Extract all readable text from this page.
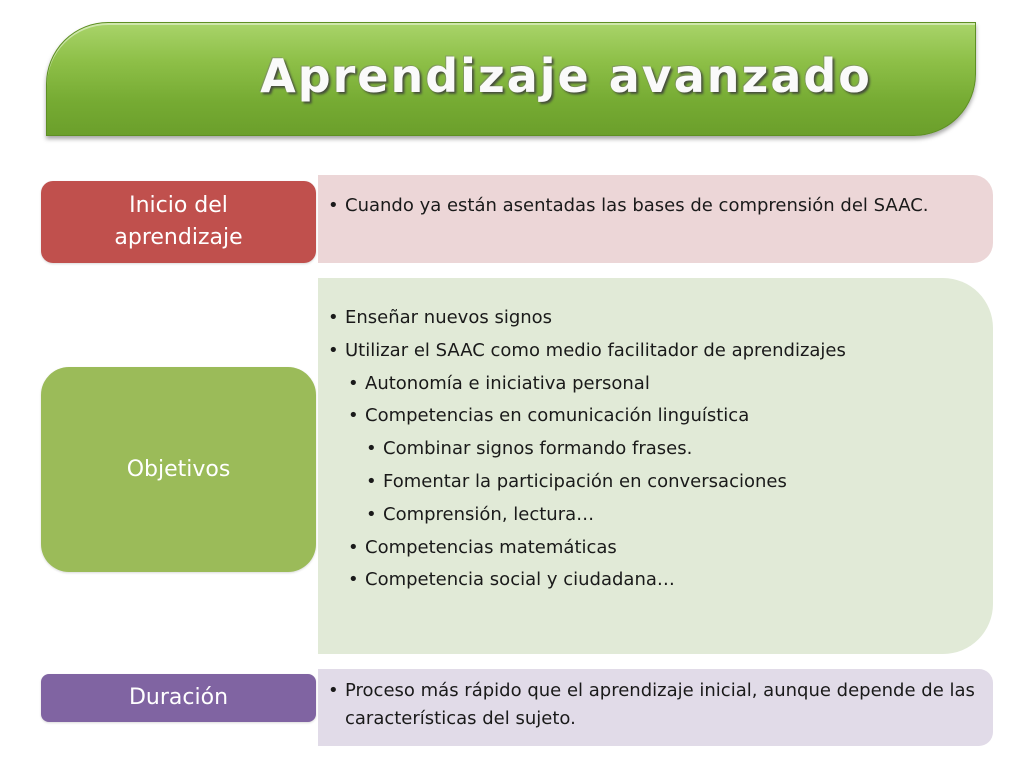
Aprendizaje avanzado
• Cuando ya están asentadas las bases de comprensión del SAAC.
Inicio del
aprendizaje
• Enseñar nuevos signos
• Utilizar el SAAC como medio facilitador de aprendizajes
• Autonomía e iniciativa personal
• Competencias en comunicación linguística
• Combinar signos formando frases.
• Fomentar la participación en conversaciones
• Comprensión, lectura…
• Competencias matemáticas
• Competencia social y ciudadana…
Objetivos
• Proceso más rápido que el aprendizaje inicial, aunque depende de las características del sujeto.
Duración
